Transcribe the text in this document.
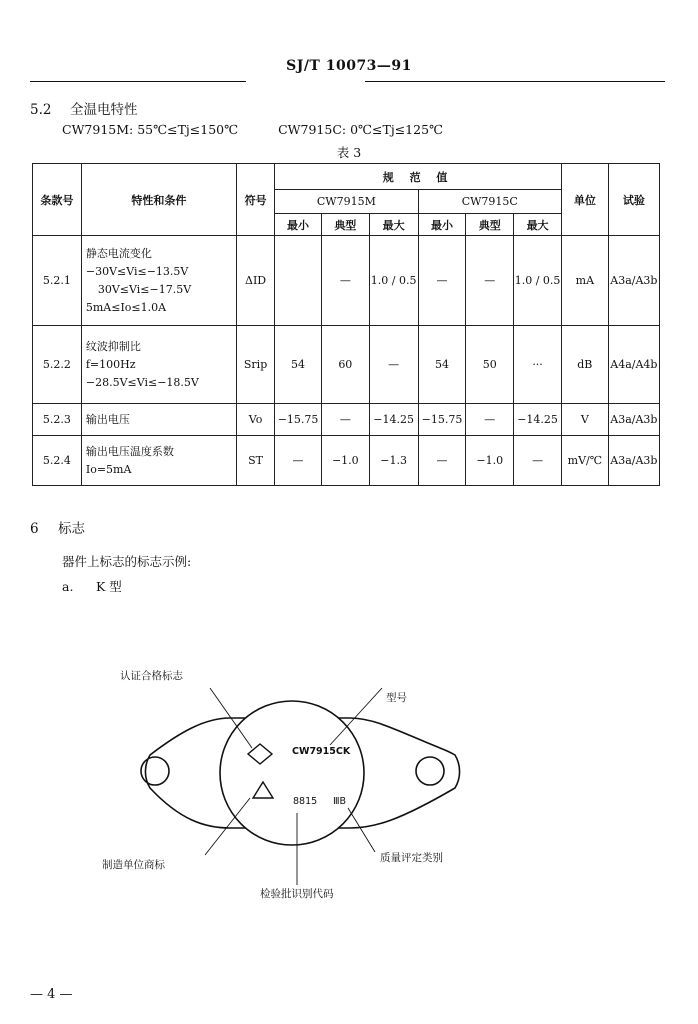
SJ/T 10073—91
5.2 全温电特性
CW7915M: 55℃≤Tj≤150℃	CW7915C: 0℃≤Tj≤125℃
表 3
条款号	特性和条件	符号	规 范 值						单位	试验
			CW7915M			CW7915C				
			最小	典型	最大	最小	典型	最大		
5.2.1	静态电流变化
−30V≤Vi≤−13.5V
30V≤Vi≤−17.5V
5mA≤Io≤1.0A	ΔID		—	1.0 / 0.5	—	—	1.0 / 0.5	mA	A3a/A3b
5.2.2	纹波抑制比
f=100Hz
−28.5V≤Vi≤−18.5V	Srip	54	60	—	54	50	···	dB	A4a/A4b
5.2.3	输出电压	Vo	−15.75	—	−14.25	−15.75	—	−14.25	V	A3a/A3b
5.2.4	输出电压温度系数
Io=5mA	ST	—	−1.0	−1.3	—	−1.0	—	mV/℃	A3a/A3b
6 标志
器件上标志的标志示例:
a. K 型
认证合格标志
型号
CW7915CK
8815 ⅢB
制造单位商标
质量评定类别
检验批识别代码
— 4 —
